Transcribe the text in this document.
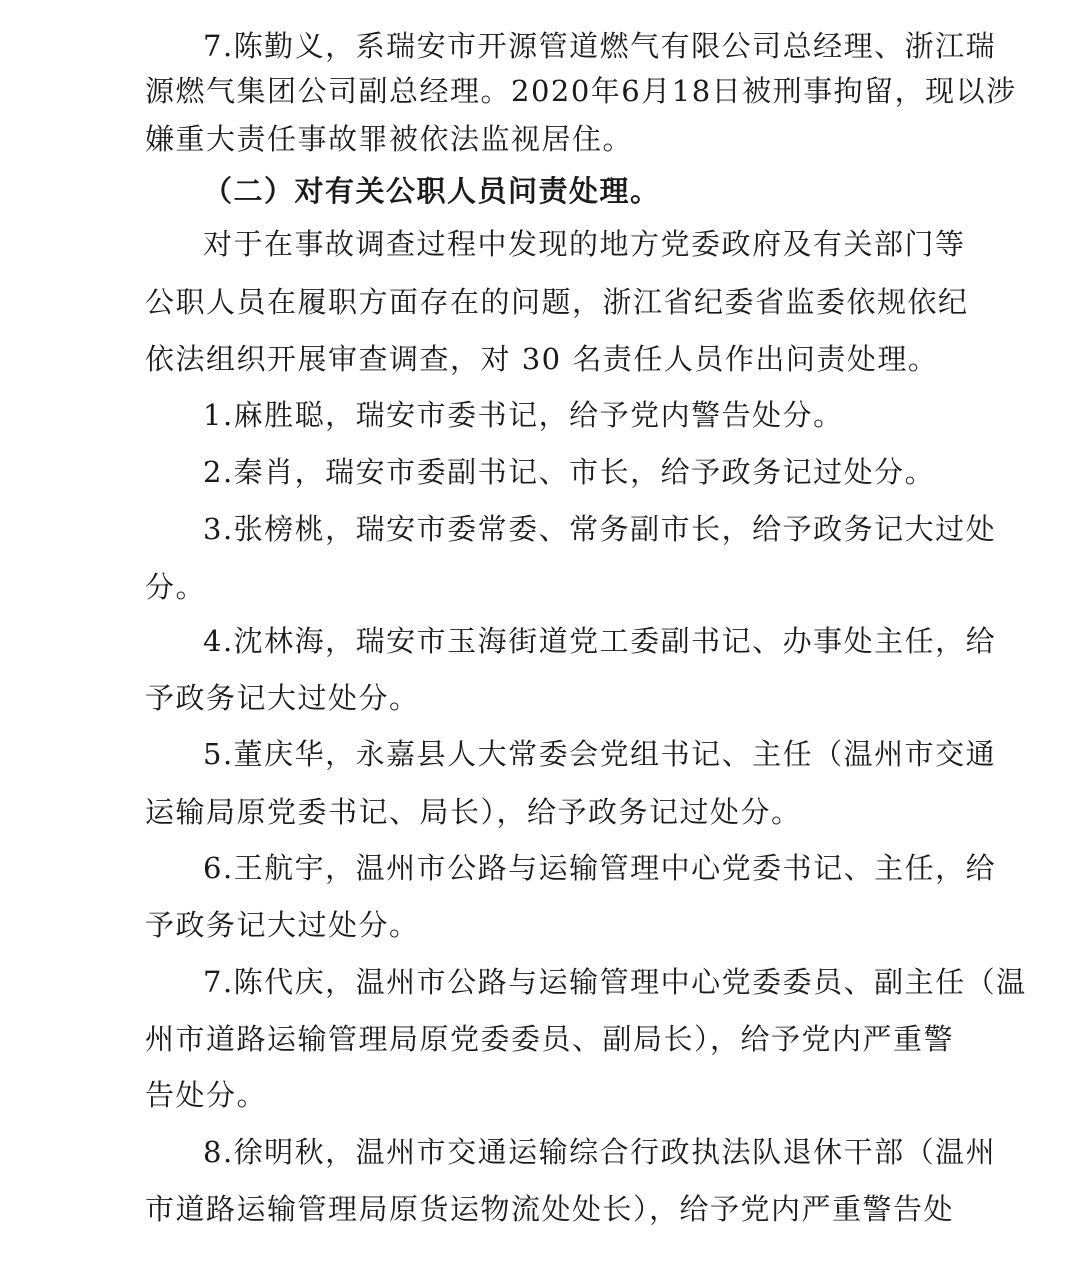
7.陈勤义，系瑞安市开源管道燃气有限公司总经理、浙江瑞
源燃气集团公司副总经理。2020年6月18日被刑事拘留，现以涉
嫌重大责任事故罪被依法监视居住。
（二）对有关公职人员问责处理。
对于在事故调查过程中发现的地方党委政府及有关部门等
公职人员在履职方面存在的问题，浙江省纪委省监委依规依纪
依法组织开展审查调查，对 30 名责任人员作出问责处理。
1.麻胜聪，瑞安市委书记，给予党内警告处分。
2.秦肖，瑞安市委副书记、市长，给予政务记过处分。
3.张榜桃，瑞安市委常委、常务副市长，给予政务记大过处
分。
4.沈林海，瑞安市玉海街道党工委副书记、办事处主任，给
予政务记大过处分。
5.董庆华，永嘉县人大常委会党组书记、主任（温州市交通
运输局原党委书记、局长），给予政务记过处分。
6.王航宇，温州市公路与运输管理中心党委书记、主任，给
予政务记大过处分。
7.陈代庆，温州市公路与运输管理中心党委委员、副主任（温
州市道路运输管理局原党委委员、副局长），给予党内严重警
告处分。
8.徐明秋，温州市交通运输综合行政执法队退休干部（温州
市道路运输管理局原货运物流处处长），给予党内严重警告处
